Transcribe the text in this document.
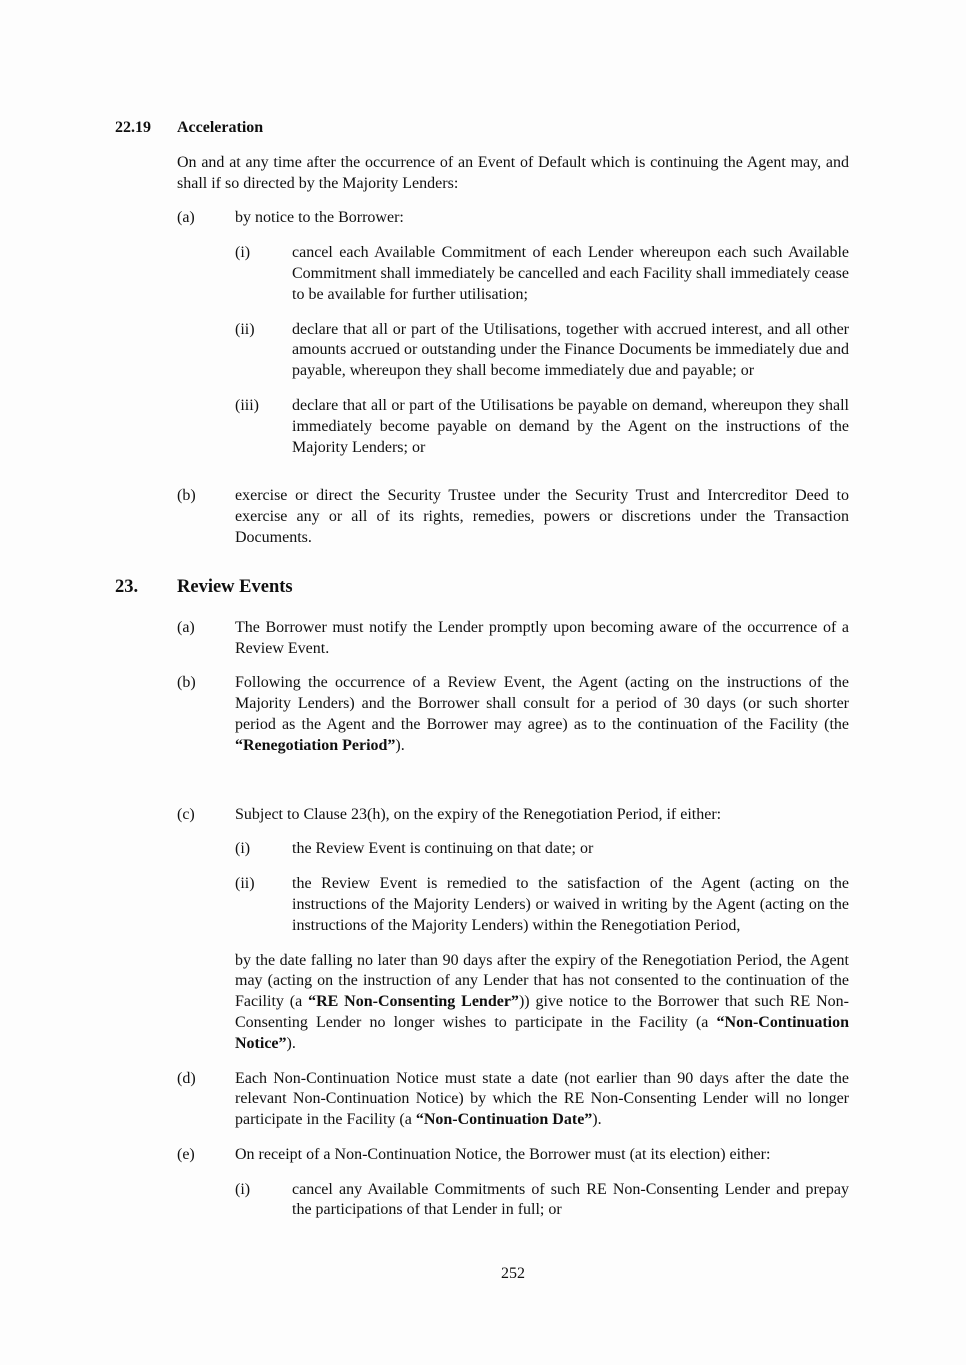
22.19	Acceleration

On and at any time after the occurrence of an Event of Default which is continuing the Agent may, and shall if so directed by the Majority Lenders:

(a)	by notice to the Borrower:

(i)	cancel each Available Commitment of each Lender whereupon each such Available Commitment shall immediately be cancelled and each Facility shall immediately cease to be available for further utilisation;

(ii)	declare that all or part of the Utilisations, together with accrued interest, and all other amounts accrued or outstanding under the Finance Documents be immediately due and payable, whereupon they shall become immediately due and payable; or

(iii)	declare that all or part of the Utilisations be payable on demand, whereupon they shall immediately become payable on demand by the Agent on the instructions of the Majority Lenders; or

(b)	exercise or direct the Security Trustee under the Security Trust and Intercreditor Deed to exercise any or all of its rights, remedies, powers or discretions under the Transaction Documents.

23.	Review Events
(a)	The Borrower must notify the Lender promptly upon becoming aware of the occurrence of a Review Event.

(b)	Following the occurrence of a Review Event, the Agent (acting on the instructions of the Majority Lenders) and the Borrower shall consult for a period of 30 days (or such shorter period as the Agent and the Borrower may agree) as to the continuation of the Facility (the “Renegotiation Period”).

(c)	Subject to Clause 23(h), on the expiry of the Renegotiation Period, if either:

(i)	the Review Event is continuing on that date; or

(ii)	the Review Event is remedied to the satisfaction of the Agent (acting on the instructions of the Majority Lenders) or waived in writing by the Agent (acting on the instructions of the Majority Lenders) within the Renegotiation Period,

by the date falling no later than 90 days after the expiry of the Renegotiation Period, the Agent may (acting on the instruction of any Lender that has not consented to the continuation of the Facility (a “RE Non-Consenting Lender”)) give notice to the Borrower that such RE Non-Consenting Lender no longer wishes to participate in the Facility (a “Non-Continuation Notice”).

(d)	Each Non-Continuation Notice must state a date (not earlier than 90 days after the date the relevant Non-Continuation Notice) by which the RE Non-Consenting Lender will no longer participate in the Facility (a “Non-Continuation Date”).

(e)	On receipt of a Non-Continuation Notice, the Borrower must (at its election) either:

(i)	cancel any Available Commitments of such RE Non-Consenting Lender and prepay the participations of that Lender in full; or

252
